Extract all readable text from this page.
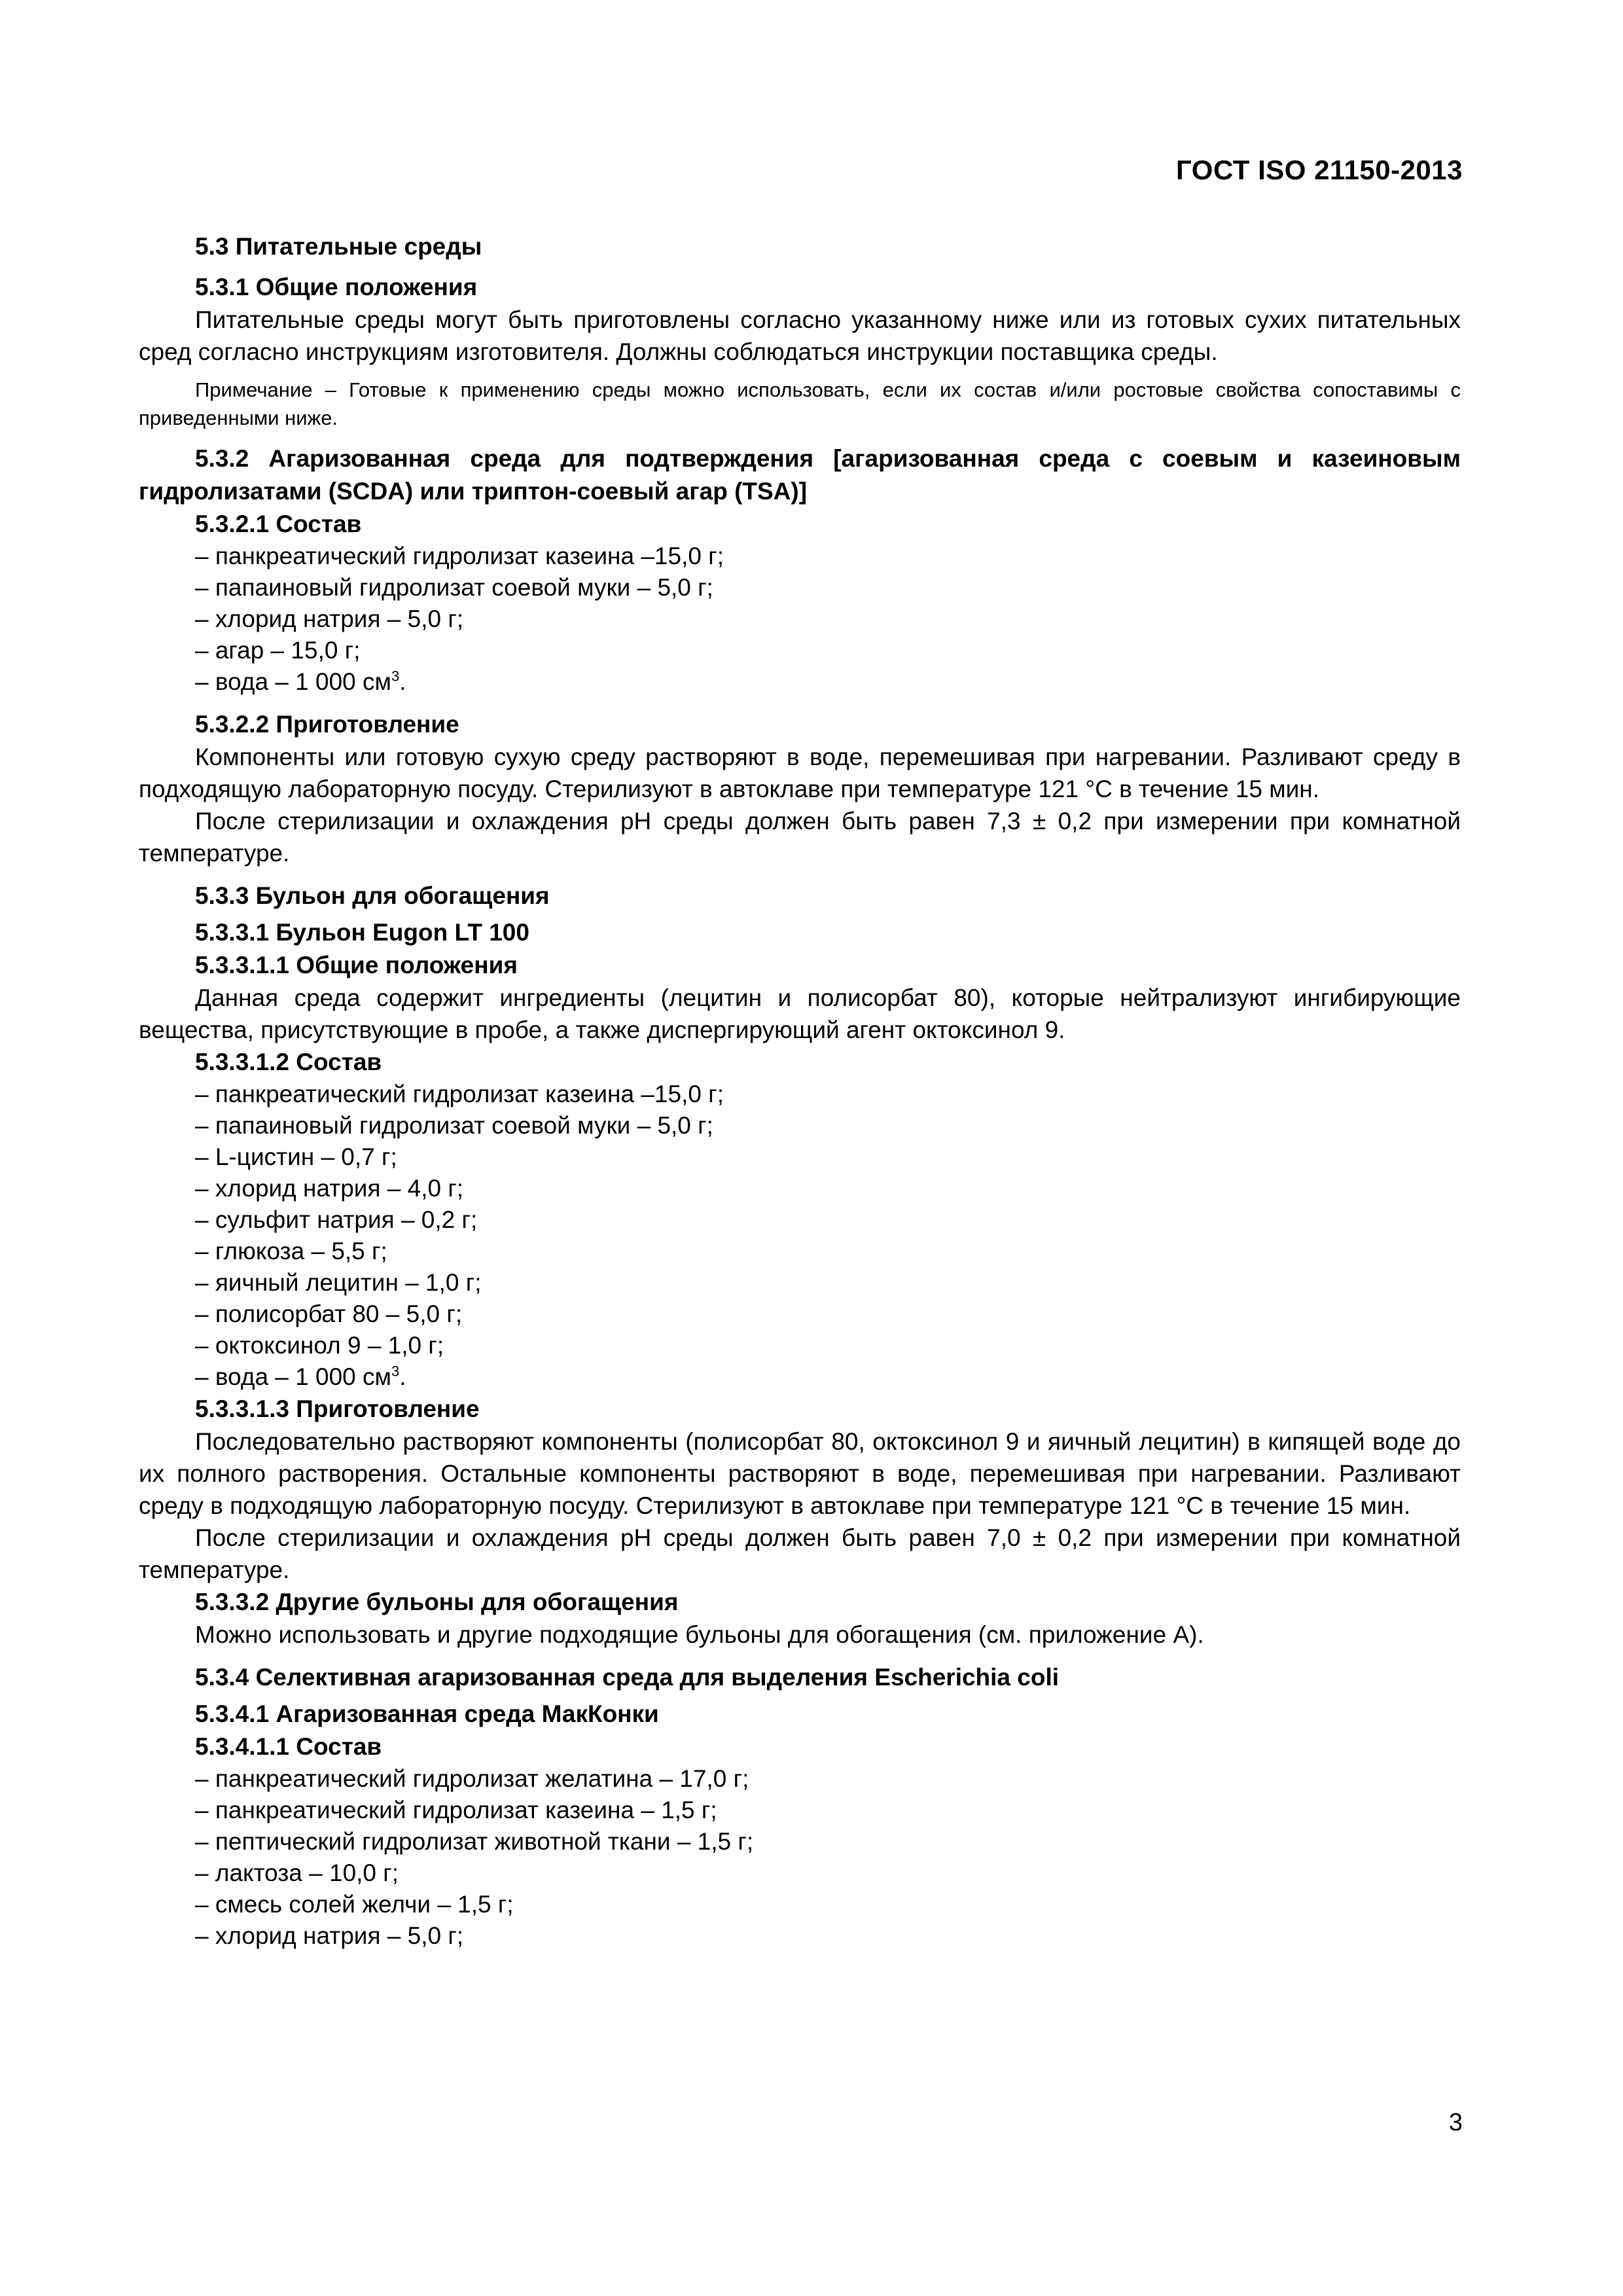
ГОСТ ISO 21150-2013

5.3 Питательные среды

5.3.1 Общие положения

Питательные среды могут быть приготовлены согласно указанному ниже или из готовых сухих питательных сред согласно инструкциям изготовителя. Должны соблюдаться инструкции поставщика среды.

Примечание – Готовые к применению среды можно использовать, если их состав и/или ростовые свойства сопоставимы с приведенными ниже.

5.3.2 Агаризованная среда для подтверждения [агаризованная среда с соевым и казеиновым гидролизатами (SCDA) или триптон-соевый агар (TSA)]

5.3.2.1 Состав

– панкреатический гидролизат казеина –15,0 г;

– папаиновый гидролизат соевой муки – 5,0 г;

– хлорид натрия – 5,0 г;

– агар – 15,0 г;

– вода – 1 000 $см^3$.

5.3.2.2 Приготовление

Компоненты или готовую сухую среду растворяют в воде, перемешивая при нагревании. Разливают среду в подходящую лабораторную посуду. Стерилизуют в автоклаве при температуре 121 °С в течение 15 мин.

После стерилизации и охлаждения рН среды должен быть равен 7,3 ± 0,2 при измерении при комнатной температуре.

5.3.3 Бульон для обогащения

5.3.3.1 Бульон Eugon LT 100

5.3.3.1.1 Общие положения

Данная среда содержит ингредиенты (лецитин и полисорбат 80), которые нейтрализуют ингибирующие вещества, присутствующие в пробе, а также диспергирующий агент октоксинол 9.

5.3.3.1.2 Состав

– панкреатический гидролизат казеина –15,0 г;

– папаиновый гидролизат соевой муки – 5,0 г;

– L-цистин – 0,7 г;

– хлорид натрия – 4,0 г;

– сульфит натрия – 0,2 г;

– глюкоза – 5,5 г;

– яичный лецитин – 1,0 г;

– полисорбат 80 – 5,0 г;

– октоксинол 9 – 1,0 г;

– вода – 1 000 $см^3$.

5.3.3.1.3 Приготовление

Последовательно растворяют компоненты (полисорбат 80, октоксинол 9 и яичный лецитин) в кипящей воде до их полного растворения. Остальные компоненты растворяют в воде, перемешивая при нагревании. Разливают среду в подходящую лабораторную посуду. Стерилизуют в автоклаве при температуре 121 °С в течение 15 мин.

После стерилизации и охлаждения рН среды должен быть равен 7,0 ± 0,2 при измерении при комнатной температуре.

5.3.3.2 Другие бульоны для обогащения

Можно использовать и другие подходящие бульоны для обогащения (см. приложение А).

5.3.4 Селективная агаризованная среда для выделения Escherichia coli

5.3.4.1 Агаризованная среда МакКонки

5.3.4.1.1 Состав

– панкреатический гидролизат желатина – 17,0 г;

– панкреатический гидролизат казеина – 1,5 г;

– пептический гидролизат животной ткани – 1,5 г;

– лактоза – 10,0 г;

– смесь солей желчи – 1,5 г;

– хлорид натрия – 5,0 г;

3
